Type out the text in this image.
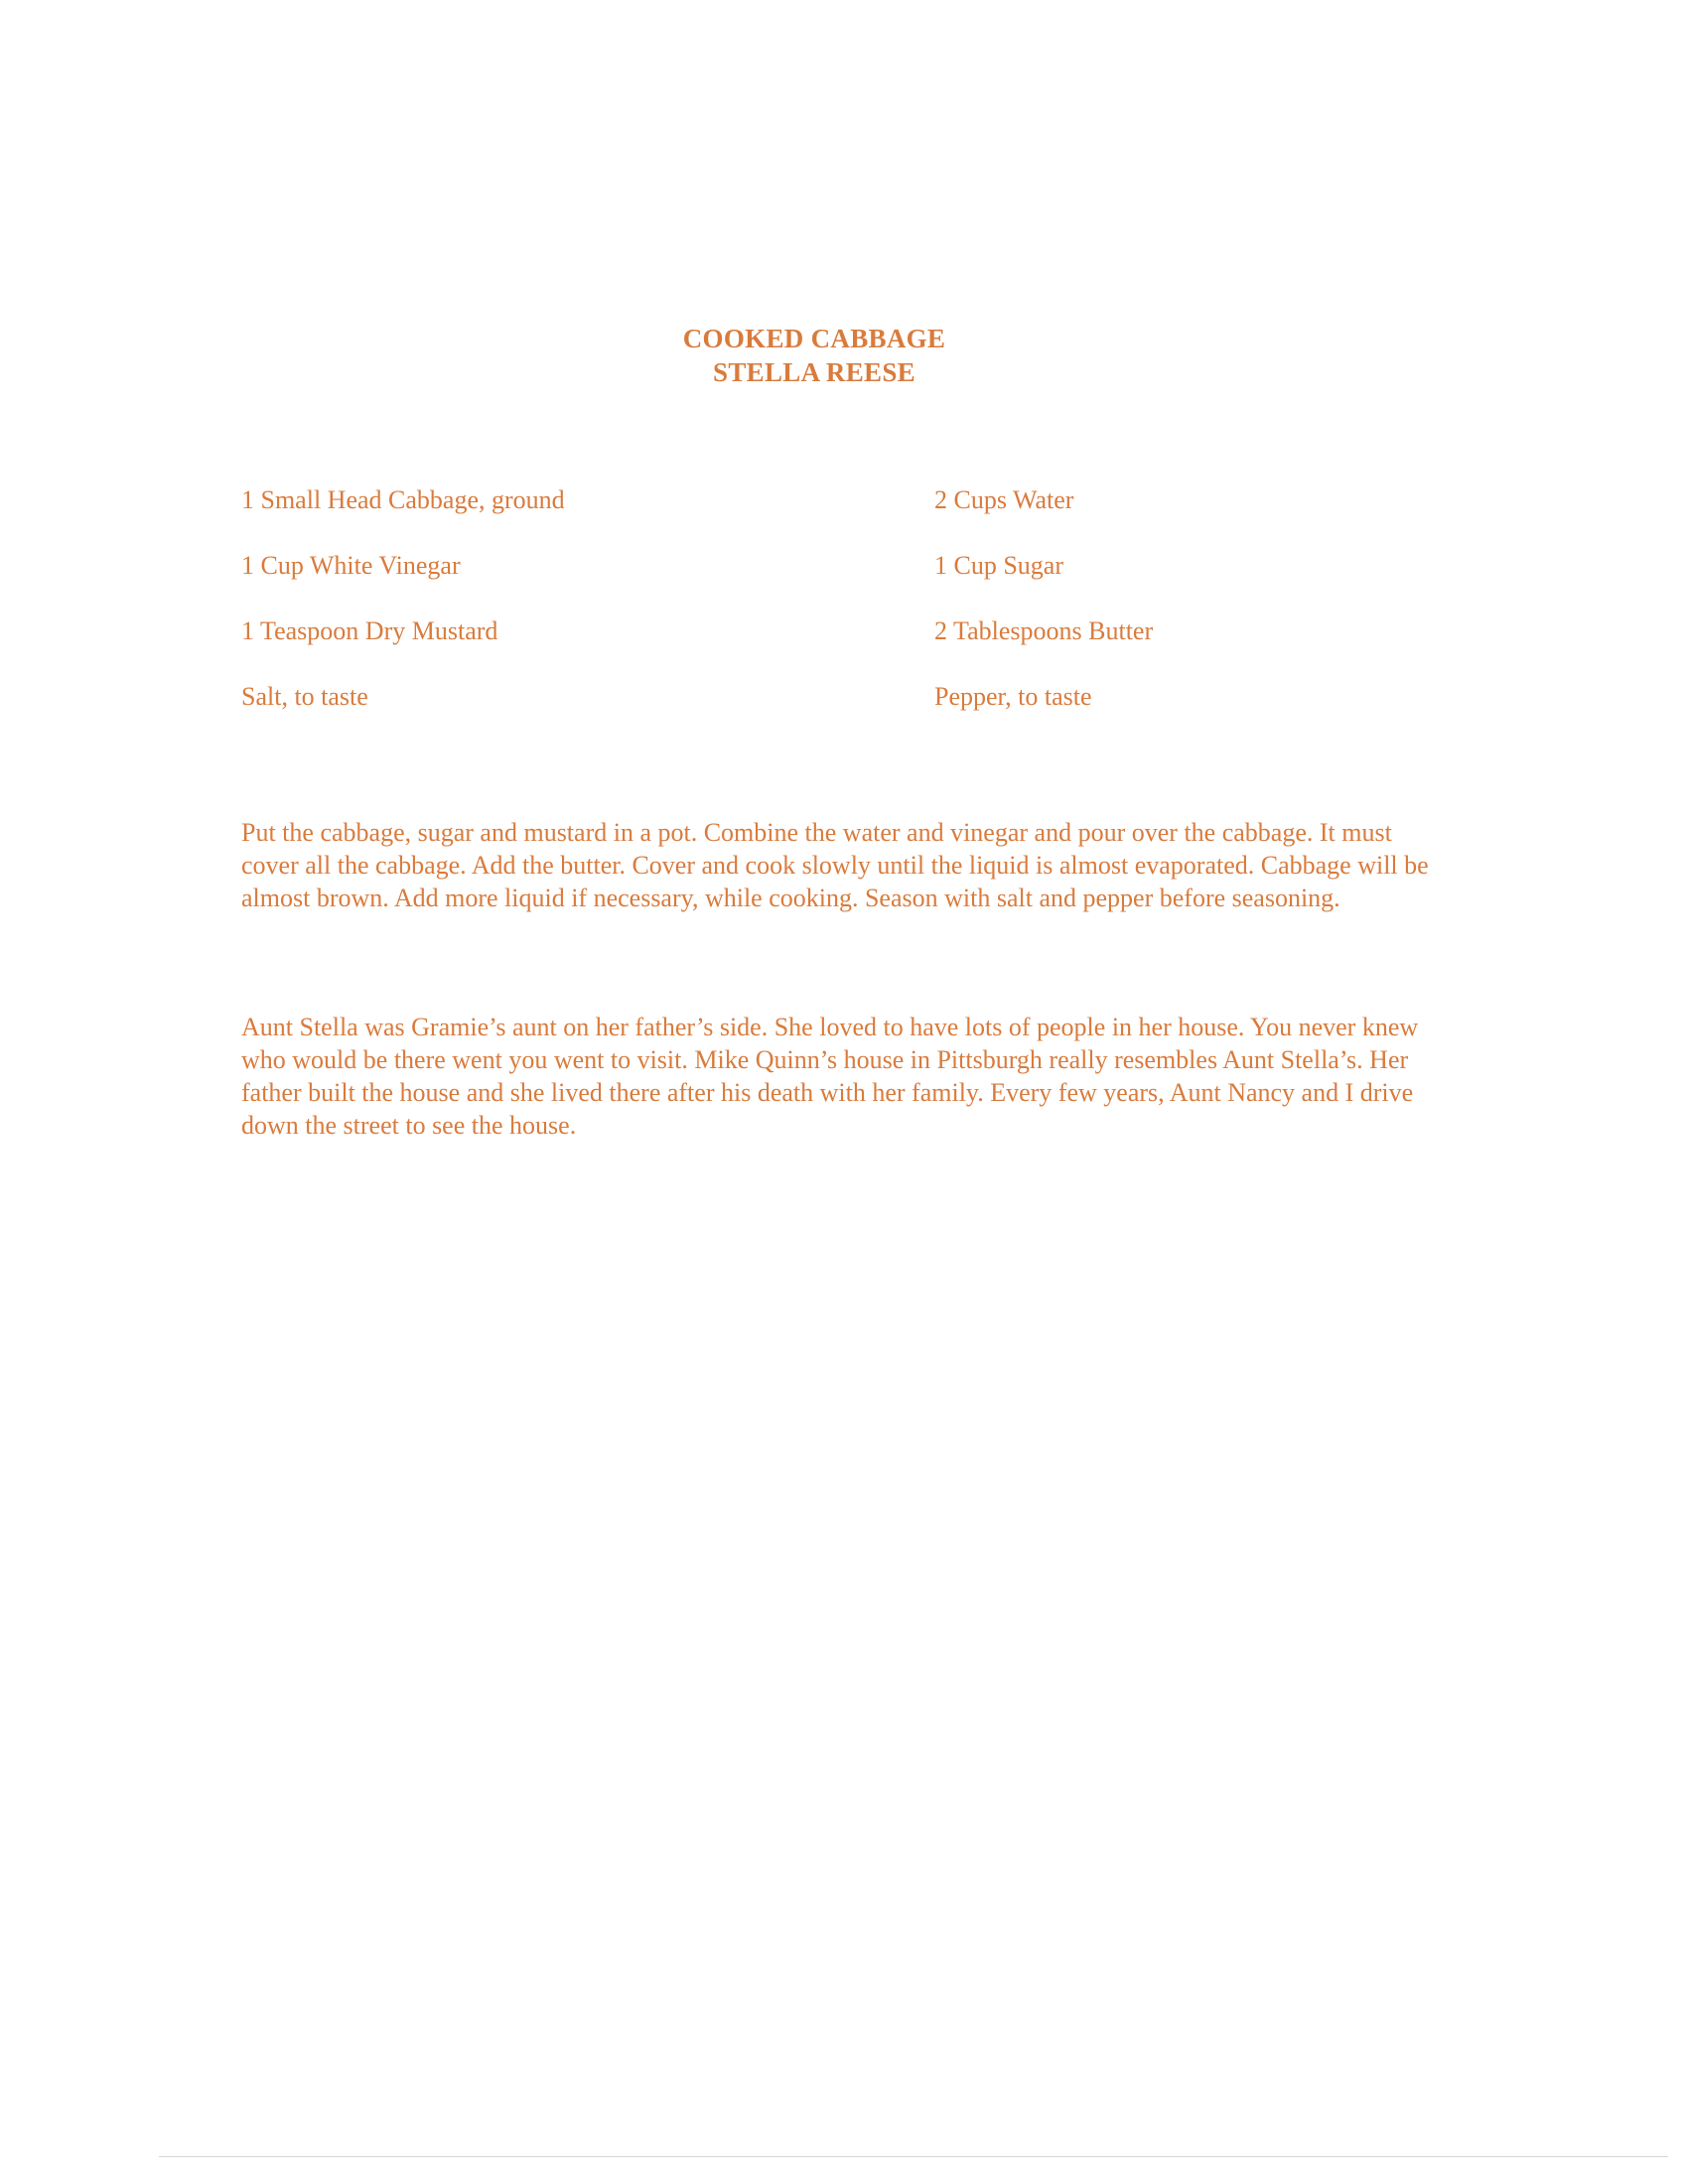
COOKED CABBAGE
STELLA REESE
1 Small Head Cabbage, ground	2 Cups Water
1 Cup White Vinegar	1 Cup Sugar
1 Teaspoon Dry Mustard	2 Tablespoons Butter
Salt, to taste	Pepper, to taste

Put the cabbage, sugar and mustard in a pot. Combine the water and vinegar and pour over the cabbage. It must cover all the cabbage. Add the butter. Cover and cook slowly until the liquid is almost evaporated. Cabbage will be almost brown. Add more liquid if necessary, while cooking. Season with salt and pepper before seasoning.

Aunt Stella was Gramie’s aunt on her father’s side. She loved to have lots of people in her house. You never knew who would be there went you went to visit. Mike Quinn’s house in Pittsburgh really resembles Aunt Stella’s. Her father built the house and she lived there after his death with her family. Every few years, Aunt Nancy and I drive down the street to see the house.
